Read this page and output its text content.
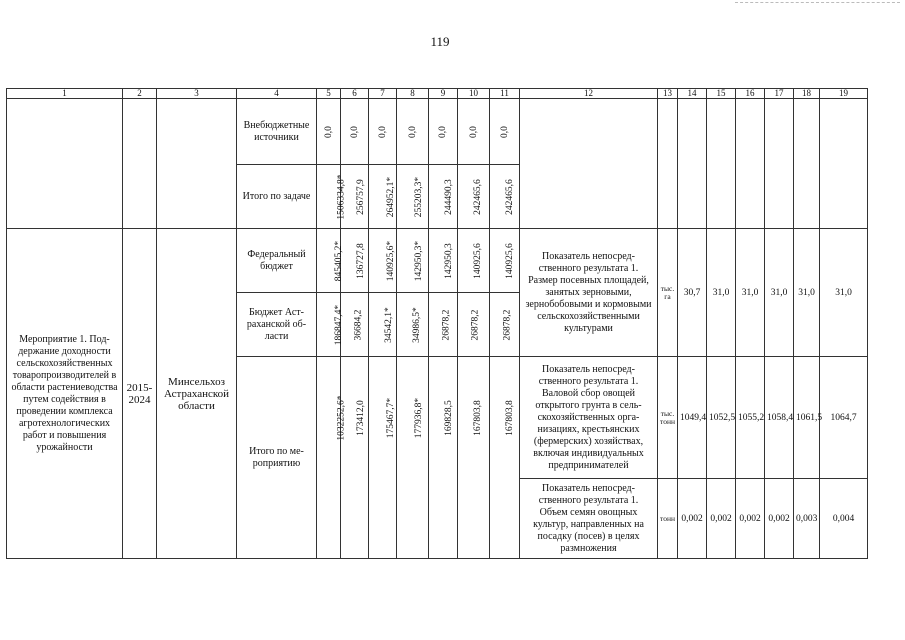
119
1	2	3	4	5	6	7	8	9	10	11	12	13	14	15	16	17	18	19
			Внебюджетные источники	0,0	0,0	0,0	0,0	0,0	0,0	0,0								
			Итого по задаче	1506334,8*	256757,9	264952,1*	255203,3*	244490,3	242465,6	242465,6								
Мероприятие 1. Поддержание доходности сельскохозяйственных товаропроизводителей в области растениеводства путем содействия в проведении комплекса агротехнологических работ и повышения урожайности	2015-2024	Минсельхоз Астраханской области	Федеральный бюджет	845405,2*	136727,8	140925,6*	142950,3*	142950,3	140925,6	140925,6	Показатель непосредственного результата 1. Размер посевных площадей, занятых зерновыми, зернобобовыми и кормовыми сельскохозяйственными культурами	тыс. га	30,7	31,0	31,0	31,0	31,0	31,0
			Бюджет Астраханской области	186847,4*	36684,2	34542,1*	34986,5*	26878,2	26878,2	26878,2								
			Итого по мероприятию	1032252,6*	173412,0	175467,7*	177936,8*	169828,5	167803,8	167803,8	Показатель непосредственного результата 1. Валовой сбор овощей открытого грунта в сельскохозяйственных организациях, крестьянских (фермерских) хозяйствах, включая индивидуальных предпринимателей	тыс. тонн	1049,4	1052,5	1055,2	1058,4	1061,5	1064,7
											Показатель непосредственного результата 1. Объем семян овощных культур, направленных на посадку (посев) в целях размножения	тонн	0,002	0,002	0,002	0,002	0,003	0,004
